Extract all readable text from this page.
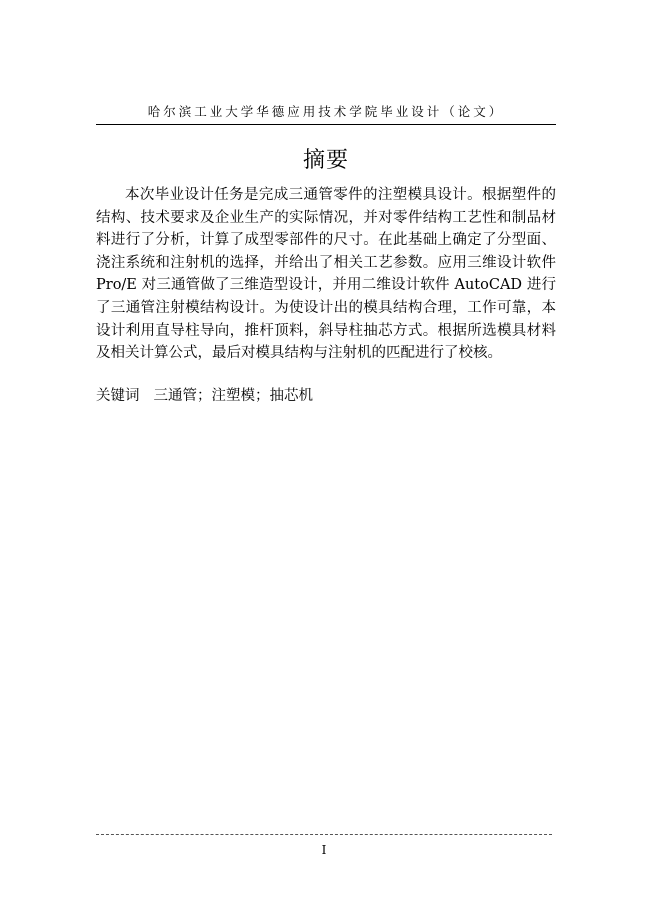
哈尔滨工业大学华德应用技术学院毕业设计（论文）
摘要

本次毕业设计任务是完成三通管零件的注塑模具设计。根据塑件的结构、技术要求及企业生产的实际情况，并对零件结构工艺性和制品材料进行了分析，计算了成型零部件的尺寸。在此基础上确定了分型面、浇注系统和注射机的选择，并给出了相关工艺参数。应用三维设计软件 Pro/E 对三通管做了三维造型设计，并用二维设计软件 AutoCAD 进行了三通管注射模结构设计。为使设计出的模具结构合理，工作可靠，本设计利用直导柱导向，推杆顶料，斜导柱抽芯方式。根据所选模具材料及相关计算公式，最后对模具结构与注射机的匹配进行了校核。

关键词 三通管；注塑模；抽芯机
I
